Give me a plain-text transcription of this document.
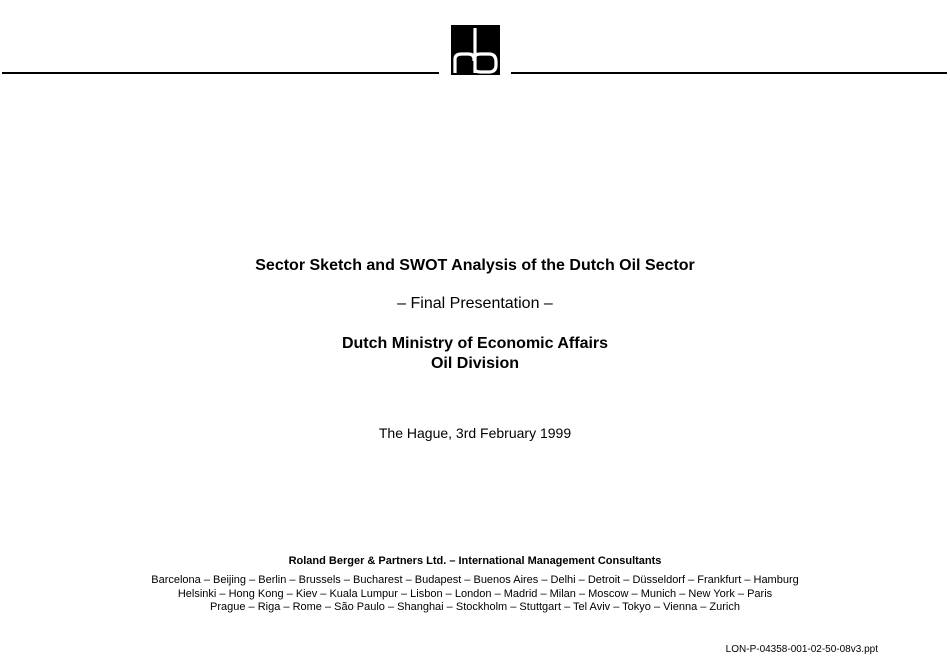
Sector Sketch and SWOT Analysis of the Dutch Oil Sector
– Final Presentation –
Dutch Ministry of Economic Affairs
Oil Division
The Hague, 3rd February 1999
Roland Berger & Partners Ltd. – International Management Consultants
Barcelona – Beijing – Berlin – Brussels – Bucharest – Budapest – Buenos Aires – Delhi – Detroit – Düsseldorf – Frankfurt – Hamburg
Helsinki – Hong Kong – Kiev – Kuala Lumpur – Lisbon – London – Madrid – Milan – Moscow – Munich – New York – Paris
Prague – Riga – Rome – São Paulo – Shanghai – Stockholm – Stuttgart – Tel Aviv – Tokyo – Vienna – Zurich
LON-P-04358-001-02-50-08v3.ppt
